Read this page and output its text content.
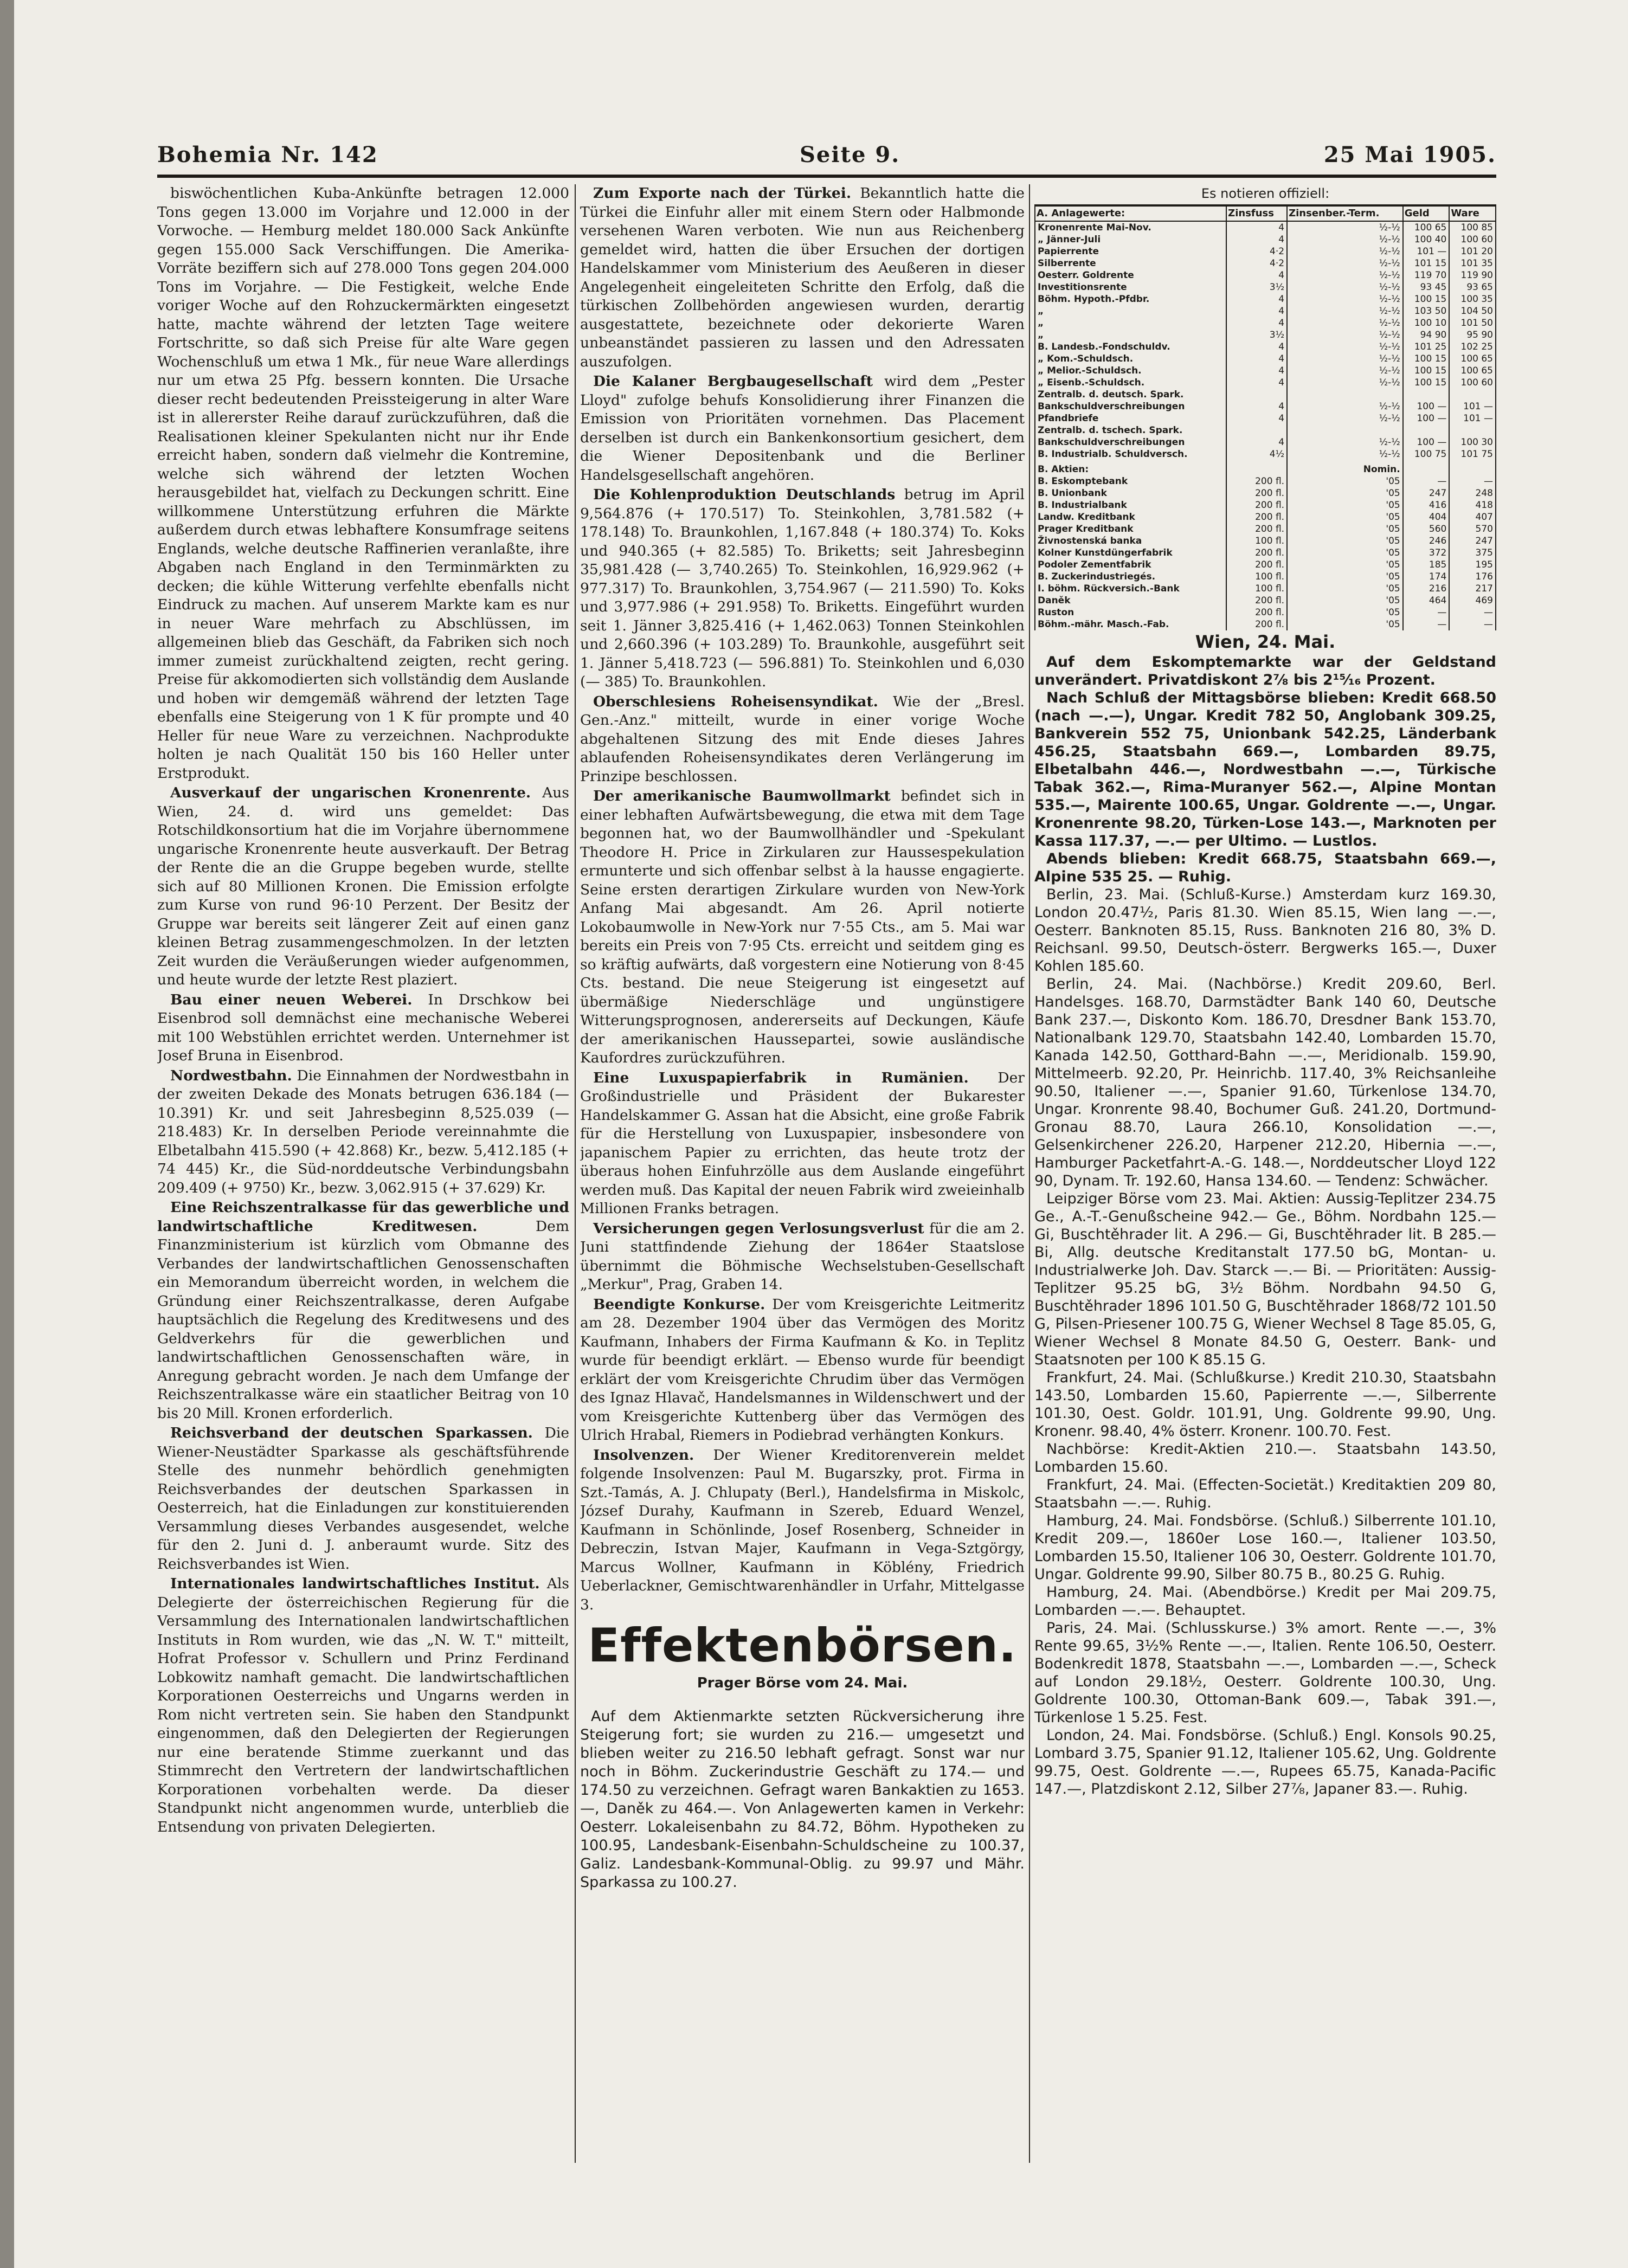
Bohemia Nr. 142	Seite 9.	25 Mai 1905.

biswöchentlichen Kuba-Ankünfte betragen 12.000 Tons gegen 13.000 im Vorjahre und 12.000 in der Vorwoche. — Hemburg meldet 180.000 Sack Ankünfte gegen 155.000 Sack Verschiffungen. Die Amerika-Vorräte beziffern sich auf 278.000 Tons gegen 204.000 Tons im Vorjahre. — Die Festigkeit, welche Ende voriger Woche auf den Rohzuckermärkten eingesetzt hatte, machte während der letzten Tage weitere Fortschritte, so daß sich Preise für alte Ware gegen Wochenschluß um etwa 1 Mk., für neue Ware allerdings nur um etwa 25 Pfg. bessern konnten. Die Ursache dieser recht bedeutenden Preissteigerung in alter Ware ist in allererster Reihe darauf zurückzuführen, daß die Realisationen kleiner Spekulanten nicht nur ihr Ende erreicht haben, sondern daß vielmehr die Kontremine, welche sich während der letzten Wochen herausgebildet hat, vielfach zu Deckungen schritt. Eine willkommene Unterstützung erfuhren die Märkte außerdem durch etwas lebhaftere Konsumfrage seitens Englands, welche deutsche Raffinerien veranlaßte, ihre Abgaben nach England in den Terminmärkten zu decken; die kühle Witterung verfehlte ebenfalls nicht Eindruck zu machen. Auf unserem Markte kam es nur in neuer Ware mehrfach zu Abschlüssen, im allgemeinen blieb das Geschäft, da Fabriken sich noch immer zumeist zurückhaltend zeigten, recht gering. Preise für akkomodierten sich vollständig dem Auslande und hoben wir demgemäß während der letzten Tage ebenfalls eine Steigerung von 1 K für prompte und 40 Heller für neue Ware zu verzeichnen. Nachprodukte holten je nach Qualität 150 bis 160 Heller unter Erstprodukt.

Ausverkauf der ungarischen Kronenrente. Aus Wien, 24. d. wird uns gemeldet: Das Rotschildkonsortium hat die im Vorjahre übernommene ungarische Kronenrente heute ausverkauft. Der Betrag der Rente die an die Gruppe begeben wurde, stellte sich auf 80 Millionen Kronen. Die Emission erfolgte zum Kurse von rund 96·10 Perzent. Der Besitz der Gruppe war bereits seit längerer Zeit auf einen ganz kleinen Betrag zusammengeschmolzen. In der letzten Zeit wurden die Veräußerungen wieder aufgenommen, und heute wurde der letzte Rest plaziert.

Bau einer neuen Weberei. In Drschkow bei Eisenbrod soll demnächst eine mechanische Weberei mit 100 Webstühlen errichtet werden. Unternehmer ist Josef Bruna in Eisenbrod.

Nordwestbahn. Die Einnahmen der Nordwestbahn in der zweiten Dekade des Monats betrugen 636.184 (—10.391) Kr. und seit Jahresbeginn 8,525.039 (— 218.483) Kr. In derselben Periode vereinnahmte die Elbetalbahn 415.590 (+ 42.868) Kr., bezw. 5,412.185 (+ 74 445) Kr., die Süd-norddeutsche Verbindungsbahn 209.409 (+ 9750) Kr., bezw. 3,062.915 (+ 37.629) Kr.

Eine Reichszentralkasse für das gewerbliche und landwirtschaftliche Kreditwesen.	Dem Finanzministerium ist kürzlich vom Obmanne des Verbandes der landwirtschaftlichen Genossenschaften ein Memorandum überreicht worden, in welchem die Gründung einer Reichszentralkasse, deren Aufgabe hauptsächlich die Regelung des Kreditwesens und des Geldverkehrs für die gewerblichen und landwirtschaftlichen Genossenschaften wäre, in Anregung gebracht worden. Je nach dem Umfange der Reichszentralkasse wäre ein staatlicher Beitrag von 10 bis 20 Mill. Kronen erforderlich.

Reichsverband der deutschen Sparkassen. Die Wiener-Neustädter Sparkasse als geschäftsführende Stelle des nunmehr behördlich genehmigten Reichsverbandes der deutschen Sparkassen in Oesterreich, hat die Einladungen zur konstituierenden Versammlung dieses Verbandes ausgesendet, welche für den 2. Juni d. J. anberaumt wurde. Sitz des Reichsverbandes ist Wien.

Internationales landwirtschaftliches Institut. Als Delegierte der österreichischen Regierung für die Versammlung des Internationalen landwirtschaftlichen Instituts in Rom wurden, wie das „N. W. T." mitteilt, Hofrat Professor v. Schullern und Prinz Ferdinand Lobkowitz namhaft gemacht. Die landwirtschaftlichen Korporationen Oesterreichs und Ungarns werden in Rom nicht vertreten sein. Sie haben den Standpunkt eingenommen, daß den Delegierten der Regierungen nur eine beratende Stimme zuerkannt und das Stimmrecht den Vertretern der landwirtschaftlichen Korporationen vorbehalten werde. Da dieser Standpunkt nicht angenommen wurde, unterblieb die Entsendung von privaten Delegierten.

Zum Exporte nach der Türkei. Bekanntlich hatte die Türkei die Einfuhr aller mit einem Stern oder Halbmonde versehenen Waren verboten. Wie nun aus Reichenberg gemeldet wird, hatten die über Ersuchen der dortigen Handelskammer vom Ministerium des Aeußeren in dieser Angelegenheit eingeleiteten Schritte den Erfolg, daß die türkischen Zollbehörden angewiesen wurden, derartig ausgestattete, bezeichnete oder dekorierte Waren unbeanständet passieren zu lassen und den Adressaten auszufolgen.

Die Kalaner Bergbaugesellschaft wird dem „Pester Lloyd" zufolge behufs Konsolidierung ihrer Finanzen die Emission von Prioritäten vornehmen. Das Placement derselben ist durch ein Bankenkonsortium gesichert, dem die Wiener Depositenbank und die Berliner Handelsgesellschaft angehören.

Die Kohlenproduktion Deutschlands betrug im April 9,564.876 (+ 170.517) To. Steinkohlen, 3,781.582 (+ 178.148) To. Braunkohlen, 1,167.848 (+ 180.374) To. Koks und 940.365 (+ 82.585) To. Briketts; seit Jahresbeginn 35,981.428 (— 3,740.265) To. Steinkohlen, 16,929.962 (+ 977.317) To. Braunkohlen, 3,754.967 (— 211.590) To. Koks und 3,977.986 (+ 291.958) To. Briketts. Eingeführt wurden seit 1. Jänner 3,825.416 (+ 1,462.063) Tonnen Steinkohlen und 2,660.396 (+ 103.289) To. Braunkohle, ausgeführt seit 1. Jänner 5,418.723 (— 596.881) To. Steinkohlen und 6,030 (— 385) To. Braunkohlen.

Oberschlesiens Roheisensyndikat. Wie der „Bresl. Gen.-Anz." mitteilt, wurde in einer vorige Woche abgehaltenen Sitzung des mit Ende dieses Jahres ablaufenden Roheisensyndikates deren Verlängerung im Prinzipe beschlossen.

Der amerikanische Baumwollmarkt befindet sich in einer lebhaften Aufwärtsbewegung, die etwa mit dem Tage begonnen hat, wo der Baumwollhändler und -Spekulant Theodore H. Price in Zirkularen zur Haussespekulation ermunterte und sich offenbar selbst à la hausse engagierte. Seine ersten derartigen Zirkulare wurden von New-York Anfang Mai abgesandt. Am 26. April notierte Lokobaumwolle in New-York nur 7·55 Cts., am 5. Mai war bereits ein Preis von 7·95 Cts. erreicht und seitdem ging es so kräftig aufwärts, daß vorgestern eine Notierung von 8·45 Cts. bestand. Die neue Steigerung ist eingesetzt auf übermäßige Niederschläge und ungünstigere Witterungsprognosen, andererseits auf Deckungen, Käufe der amerikanischen Haussepartei, sowie ausländische Kaufordres zurückzuführen.

Eine Luxuspapierfabrik in Rumänien. Der Großindustrielle und Präsident der Bukarester Handelskammer G. Assan hat die Absicht, eine große Fabrik für die Herstellung von Luxuspapier, insbesondere von japanischem Papier zu errichten, das heute trotz der überaus hohen Einfuhrzölle aus dem Auslande eingeführt werden muß. Das Kapital der neuen Fabrik wird zweieinhalb Millionen Franks betragen.

Versicherungen gegen Verlosungsverlust für die am 2. Juni stattfindende Ziehung der 1864er Staatslose übernimmt die Böhmische Wechselstuben-Gesellschaft „Merkur", Prag, Graben 14.

Beendigte Konkurse. Der vom Kreisgerichte Leitmeritz am 28. Dezember 1904 über das Vermögen des Moritz Kaufmann, Inhabers der Firma Kaufmann & Ko. in Teplitz wurde für beendigt erklärt. — Ebenso wurde für beendigt erklärt der vom Kreisgerichte Chrudim über das Vermögen des Ignaz Hlavač, Handelsmannes in Wildenschwert und der vom Kreisgerichte Kuttenberg über das Vermögen des Ulrich Hrabal, Riemers in Podiebrad verhängten Konkurs.

Insolvenzen. Der Wiener Kreditorenverein meldet folgende Insolvenzen: Paul M. Bugarszky, prot. Firma in Szt.-Tamás, A. J. Chlupaty (Berl.), Handelsfirma in Miskolc, József Durahy, Kaufmann in Szereb, Eduard Wenzel, Kaufmann in Schönlinde, Josef Rosenberg, Schneider in Debreczin, Istvan Majer, Kaufmann in Vega-Sztgörgy, Marcus Wollner, Kaufmann in Köblény, Friedrich Ueberlackner, Gemischtwarenhändler in Urfahr, Mittelgasse 3.

Effektenbörsen.
Prager Börse vom 24. Mai.

Auf dem Aktienmarkte setzten Rückversicherung ihre Steigerung fort; sie wurden zu 216.— umgesetzt und blieben weiter zu 216.50 lebhaft gefragt. Sonst war nur noch in Böhm. Zuckerindustrie Geschäft zu 174.— und 174.50 zu verzeichnen. Gefragt waren Bankaktien zu 1653.—, Daněk zu 464.—. Von Anlagewerten kamen in Verkehr: Oesterr. Lokaleisenbahn zu 84.72, Böhm. Hypotheken zu 100.95, Landesbank-Eisenbahn-Schuldscheine zu 100.37, Galiz. Landesbank-Kommunal-Oblig. zu 99.97 und Mähr. Sparkassa zu 100.27.

Es notieren offiziell:
A. Anlagewerte:	Zinsfuss	Zinsenber.-Term.	Geld	Ware
Kronenrente Mai-Nov.	4	½-½	100 65	100 85
„ Jänner-Juli	4	½-½	100 40	100 60
Papierrente	4·2	½-½	101 —	101 20
Silberrente	4·2	½-½	101 15	101 35
Oesterr. Goldrente	4	½-½	119 70	119 90
Investitionsrente	3½	½-½	93 45	93 65
Böhm. Hypoth.-Pfdbr.	4	½-½	100 15	100 35
„	4	½-½	103 50	104 50
„	4	½-½	100 10	101 50
„	3½	½-½	94 90	95 90
B. Landesb.-Fondschuldv.	4	½-½	101 25	102 25
„ Kom.-Schuldsch.	4	½-½	100 15	100 65
„ Melior.-Schuldsch.	4	½-½	100 15	100 65
„ Eisenb.-Schuldsch.	4	½-½	100 15	100 60
Zentralb. d. deutsch. Spark.				
Bankschuldverschreibungen	4	½-½	100 —	101 —
Pfandbriefe	4	½-½	100 —	101 —
Zentralb. d. tschech. Spark.				
Bankschuldverschreibungen	4	½-½	100 —	100 30
B. Industrialb. Schuldversch.	4½	½-½	100 75	101 75
B. Aktien:		Nomin.		
B. Eskomptebank	200 fl.	'05	—	—
B. Unionbank	200 fl.	'05	247	248
B. Industrialbank	200 fl.	'05	416	418
Landw. Kreditbank	200 fl.	'05	404	407
Prager Kreditbank	200 fl.	'05	560	570
Živnostenská banka	100 fl.	'05	246	247
Kolner Kunstdüngerfabrik	200 fl.	'05	372	375
Podoler Zementfabrik	200 fl.	'05	185	195
B. Zuckerindustriegés.	100 fl.	'05	174	176
I. böhm. Rückversich.-Bank	100 fl.	'05	216	217
Daněk	200 fl.	'05	464	469
Ruston	200 fl.	'05	—	—
Böhm.-mähr. Masch.-Fab.	200 fl.	'05	—	—
Wien, 24. Mai.

Auf dem Eskomptemarkte war der Geldstand unverändert. Privatdiskont 2⅞ bis 2¹⁵⁄₁₆ Prozent.

Nach Schluß der Mittagsbörse blieben: Kredit 668.50 (nach —.—), Ungar. Kredit 782 50, Anglobank 309.25, Bankverein 552 75, Unionbank 542.25, Länderbank 456.25, Staatsbahn 669.—, Lombarden 89.75, Elbetalbahn 446.—, Nordwestbahn —.—, Türkische Tabak 362.—, Rima-Muranyer 562.—, Alpine Montan 535.—, Mairente 100.65, Ungar. Goldrente —.—, Ungar. Kronenrente 98.20, Türken-Lose 143.—, Marknoten per Kassa 117.37, —.— per Ultimo. — Lustlos.

Abends blieben: Kredit 668.75, Staatsbahn 669.—, Alpine 535 25. — Ruhig.

Berlin, 23. Mai. (Schluß-Kurse.) Amsterdam kurz 169.30, London 20.47½, Paris 81.30. Wien 85.15, Wien lang —.—, Oesterr. Banknoten 85.15, Russ. Banknoten 216 80, 3% D. Reichsanl. 99.50, Deutsch-österr. Bergwerks 165.—, Duxer Kohlen 185.60.

Berlin, 24. Mai. (Nachbörse.) Kredit 209.60, Berl. Handelsges. 168.70, Darmstädter Bank 140 60, Deutsche Bank 237.—, Diskonto Kom. 186.70, Dresdner Bank 153.70, Nationalbank 129.70, Staatsbahn 142.40, Lombarden 15.70, Kanada 142.50, Gotthard-Bahn —.—, Meridionalb. 159.90, Mittelmeerb. 92.20, Pr. Heinrichb. 117.40, 3% Reichsanleihe 90.50, Italiener —.—, Spanier 91.60, Türkenlose 134.70, Ungar. Kronrente 98.40, Bochumer Guß. 241.20, Dortmund-Gronau 88.70, Laura 266.10, Konsolidation —.—, Gelsenkirchener 226.20, Harpener 212.20, Hibernia —.—, Hamburger Packetfahrt-A.-G. 148.—, Norddeutscher Lloyd 122 90, Dynam. Tr. 192.60, Hansa 134.60. — Tendenz: Schwächer.

Leipziger Börse vom 23. Mai. Aktien: Aussig-Teplitzer 234.75 Ge., A.-T.-Genußscheine 942.— Ge., Böhm. Nordbahn 125.— Gi, Buschtěhrader lit. A 296.— Gi, Buschtěhrader lit. B 285.— Bi, Allg. deutsche Kreditanstalt 177.50 bG, Montan- u. Industrialwerke Joh. Dav. Starck —.— Bi. — Prioritäten: Aussig-Teplitzer 95.25 bG, 3½ Böhm. Nordbahn 94.50 G, Buschtěhrader 1896 101.50 G, Buschtěhrader 1868/72 101.50 G, Pilsen-Priesener 100.75 G, Wiener Wechsel 8 Tage 85.05, G, Wiener Wechsel 8 Monate 84.50 G, Oesterr. Bank- und Staatsnoten per 100 K 85.15 G.

Frankfurt, 24. Mai. (Schlußkurse.) Kredit 210.30, Staatsbahn 143.50, Lombarden 15.60, Papierrente —.—, Silberrente 101.30, Oest. Goldr. 101.91, Ung. Goldrente 99.90, Ung. Kronenr. 98.40, 4% österr. Kronenr. 100.70. Fest.

Nachbörse: Kredit-Aktien 210.—. Staatsbahn 143.50, Lombarden 15.60.

Frankfurt, 24. Mai. (Effecten-Societät.) Kreditaktien 209 80, Staatsbahn —.—. Ruhig.

Hamburg, 24. Mai. Fondsbörse. (Schluß.) Silberrente 101.10, Kredit 209.—, 1860er Lose 160.—, Italiener 103.50, Lombarden 15.50, Italiener 106 30, Oesterr. Goldrente 101.70, Ungar. Goldrente 99.90, Silber 80.75 B., 80.25 G. Ruhig.

Hamburg, 24. Mai. (Abendbörse.) Kredit per Mai 209.75, Lombarden —.—. Behauptet.

Paris, 24. Mai. (Schlusskurse.) 3% amort. Rente —.—, 3% Rente 99.65, 3½% Rente —.—, Italien. Rente 106.50, Oesterr. Bodenkredit 1878, Staatsbahn —.—, Lombarden —.—, Scheck auf London 29.18½, Oesterr. Goldrente 100.30, Ung. Goldrente 100.30, Ottoman-Bank 609.—, Tabak 391.—, Türkenlose 1 5.25. Fest.

London, 24. Mai. Fondsbörse. (Schluß.) Engl. Konsols 90.25, Lombard 3.75, Spanier 91.12, Italiener 105.62, Ung. Goldrente 99.75, Oest. Goldrente —.—, Rupees 65.75, Kanada-Pacific 147.—, Platzdiskont 2.12, Silber 27⅞, Japaner 83.—. Ruhig.
